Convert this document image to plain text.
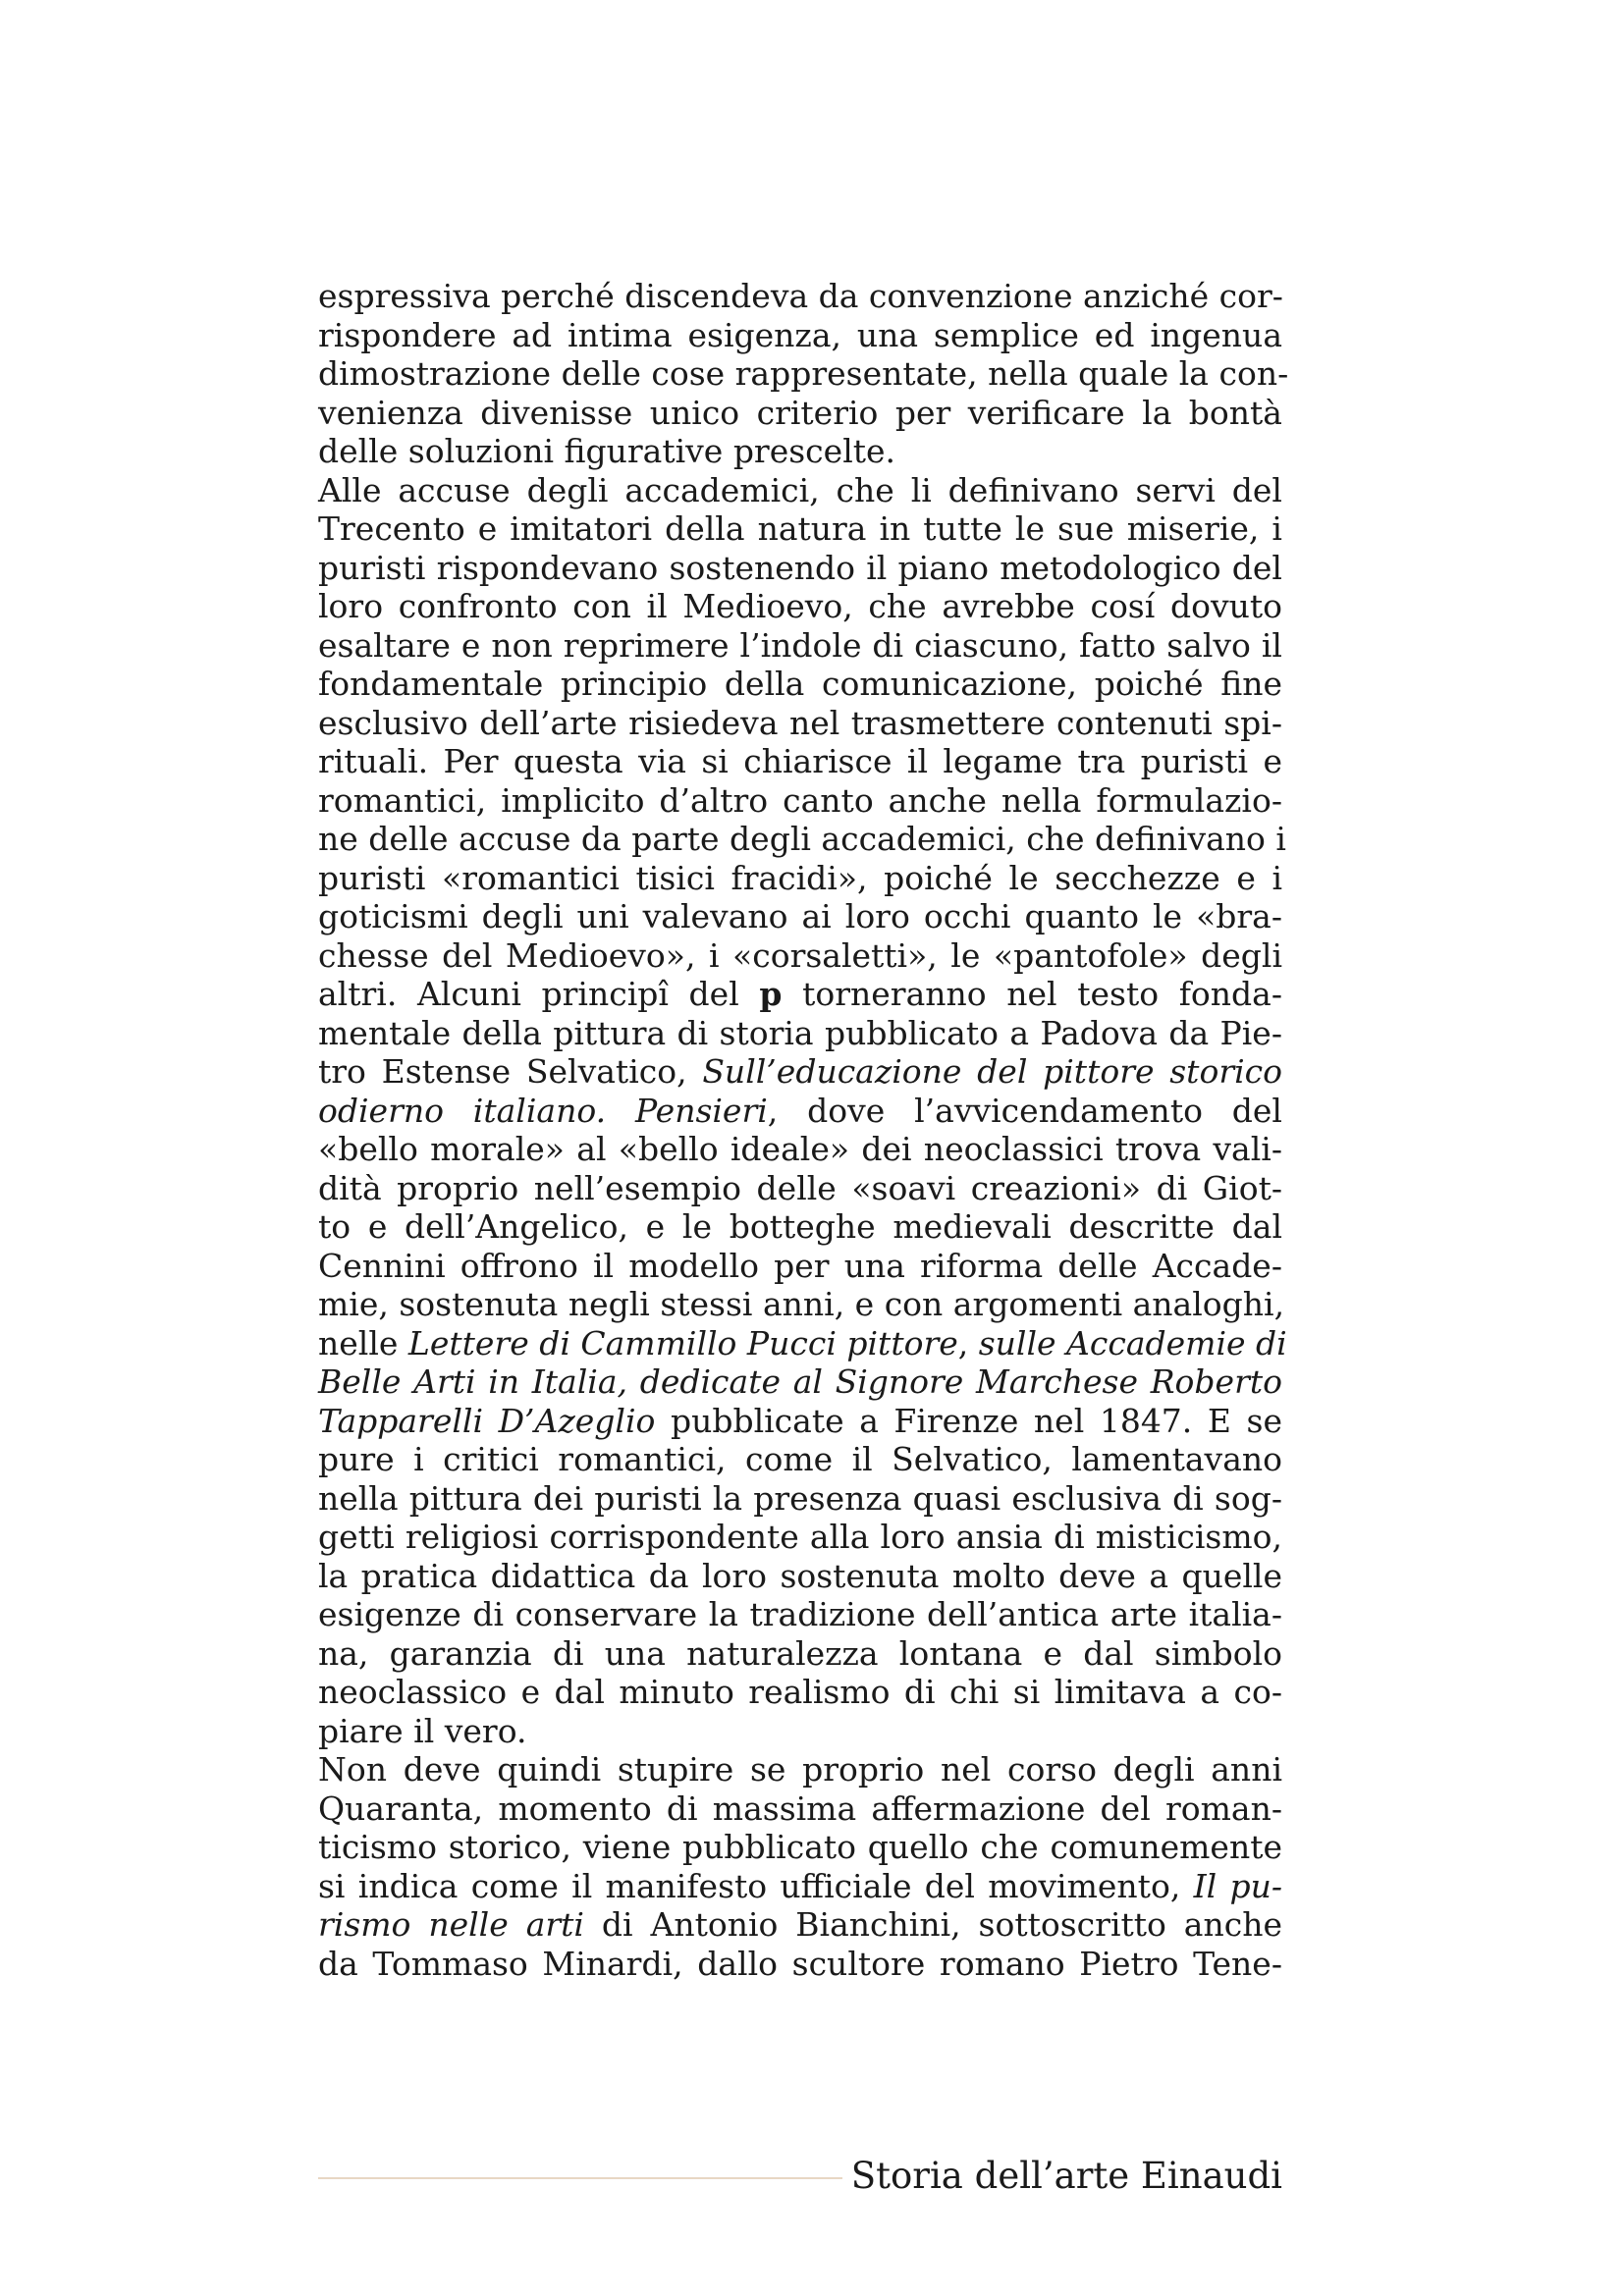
espressiva perché discendeva da convenzione anziché cor-
rispondere ad intima esigenza, una semplice ed ingenua
dimostrazione delle cose rappresentate, nella quale la con-
venienza divenisse unico criterio per verificare la bontà
delle soluzioni figurative prescelte.
Alle accuse degli accademici, che li definivano servi del
Trecento e imitatori della natura in tutte le sue miserie, i
puristi rispondevano sostenendo il piano metodologico del
loro confronto con il Medioevo, che avrebbe cosí dovuto
esaltare e non reprimere l’indole di ciascuno, fatto salvo il
fondamentale principio della comunicazione, poiché fine
esclusivo dell’arte risiedeva nel trasmettere contenuti spi-
rituali. Per questa via si chiarisce il legame tra puristi e
romantici, implicito d’altro canto anche nella formulazio-
ne delle accuse da parte degli accademici, che definivano i
puristi «romantici tisici fracidi», poiché le secchezze e i
goticismi degli uni valevano ai loro occhi quanto le «bra-
chesse del Medioevo», i «corsaletti», le «pantofole» degli
altri. Alcuni principî del p torneranno nel testo fonda-
mentale della pittura di storia pubblicato a Padova da Pie-
tro Estense Selvatico, Sull’educazione del pittore storico
odierno italiano. Pensieri, dove l’avvicendamento del
«bello morale» al «bello ideale» dei neoclassici trova vali-
dità proprio nell’esempio delle «soavi creazioni» di Giot-
to e dell’Angelico, e le botteghe medievali descritte dal
Cennini offrono il modello per una riforma delle Accade-
mie, sostenuta negli stessi anni, e con argomenti analoghi,
nelle Lettere di Cammillo Pucci pittore, sulle Accademie di
Belle Arti in Italia, dedicate al Signore Marchese Roberto
Tapparelli D’Azeglio pubblicate a Firenze nel 1847. E se
pure i critici romantici, come il Selvatico, lamentavano
nella pittura dei puristi la presenza quasi esclusiva di sog-
getti religiosi corrispondente alla loro ansia di misticismo,
la pratica didattica da loro sostenuta molto deve a quelle
esigenze di conservare la tradizione dell’antica arte italia-
na, garanzia di una naturalezza lontana e dal simbolo
neoclassico e dal minuto realismo di chi si limitava a co-
piare il vero.
Non deve quindi stupire se proprio nel corso degli anni
Quaranta, momento di massima affermazione del roman-
ticismo storico, viene pubblicato quello che comunemente
si indica come il manifesto ufficiale del movimento, Il pu-
rismo nelle arti di Antonio Bianchini, sottoscritto anche
da Tommaso Minardi, dallo scultore romano Pietro Tene-
Storia dell’arte Einaudi
